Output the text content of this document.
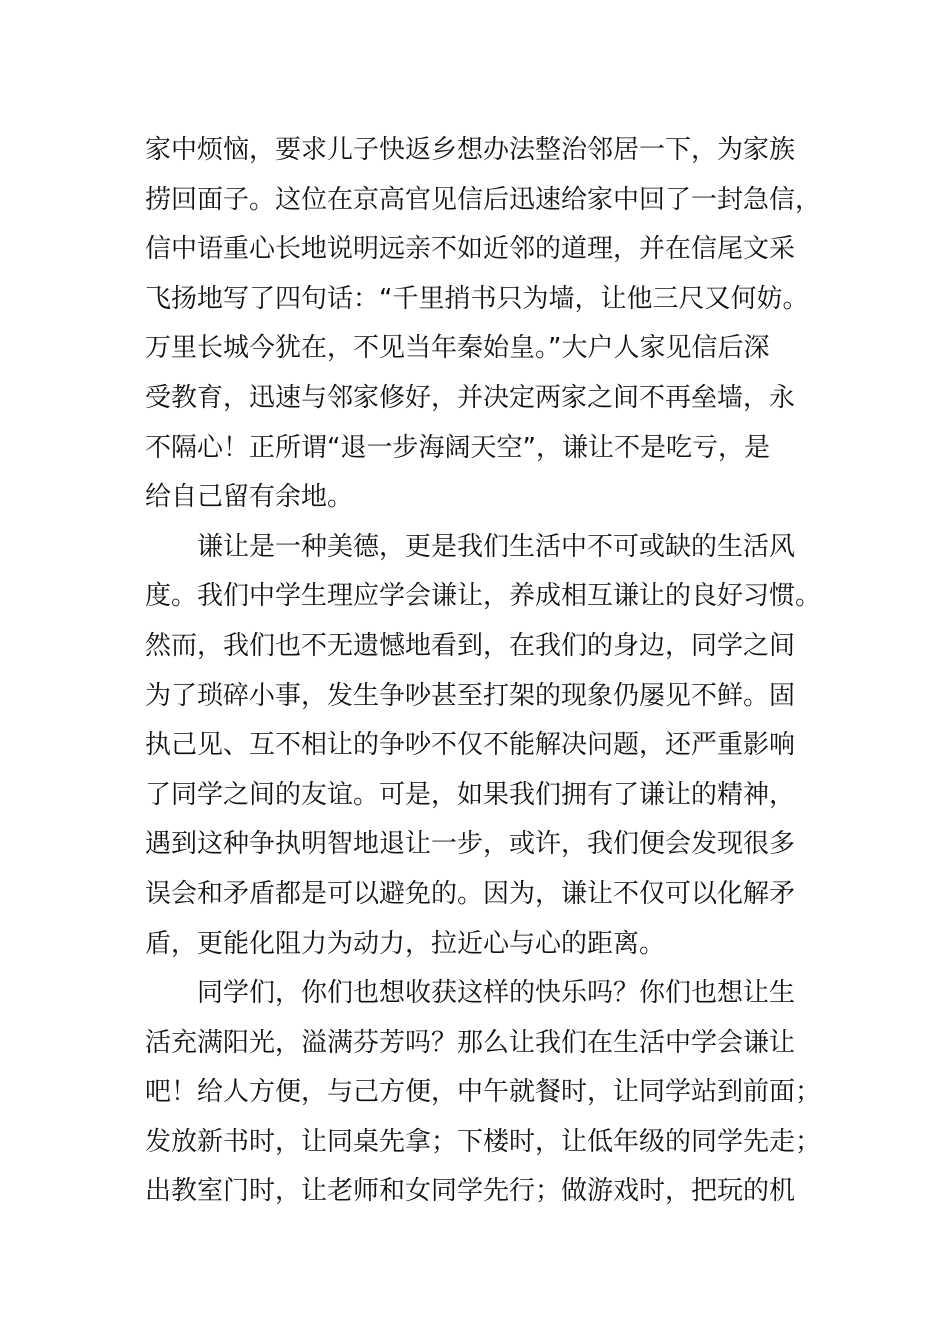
家中烦恼，要求儿子快返乡想办法整治邻居一下，为家族
捞回面子。这位在京高官见信后迅速给家中回了一封急信，
信中语重心长地说明远亲不如近邻的道理，并在信尾文采
飞扬地写了四句话：“千里捎书只为墙，让他三尺又何妨。
万里长城今犹在，不见当年秦始皇。”大户人家见信后深
受教育，迅速与邻家修好，并决定两家之间不再垒墙，永
不隔心！正所谓“退一步海阔天空”，谦让不是吃亏，是
给自己留有余地。
　　谦让是一种美德，更是我们生活中不可或缺的生活风
度。我们中学生理应学会谦让，养成相互谦让的良好习惯。
然而，我们也不无遗憾地看到，在我们的身边，同学之间
为了琐碎小事，发生争吵甚至打架的现象仍屡见不鲜。固
执己见、互不相让的争吵不仅不能解决问题，还严重影响
了同学之间的友谊。可是，如果我们拥有了谦让的精神，
遇到这种争执明智地退让一步，或许，我们便会发现很多
误会和矛盾都是可以避免的。因为，谦让不仅可以化解矛
盾，更能化阻力为动力，拉近心与心的距离。
　　同学们，你们也想收获这样的快乐吗？你们也想让生
活充满阳光，溢满芬芳吗？那么让我们在生活中学会谦让
吧！给人方便，与己方便，中午就餐时，让同学站到前面；
发放新书时，让同桌先拿；下楼时，让低年级的同学先走；
出教室门时，让老师和女同学先行；做游戏时，把玩的机
